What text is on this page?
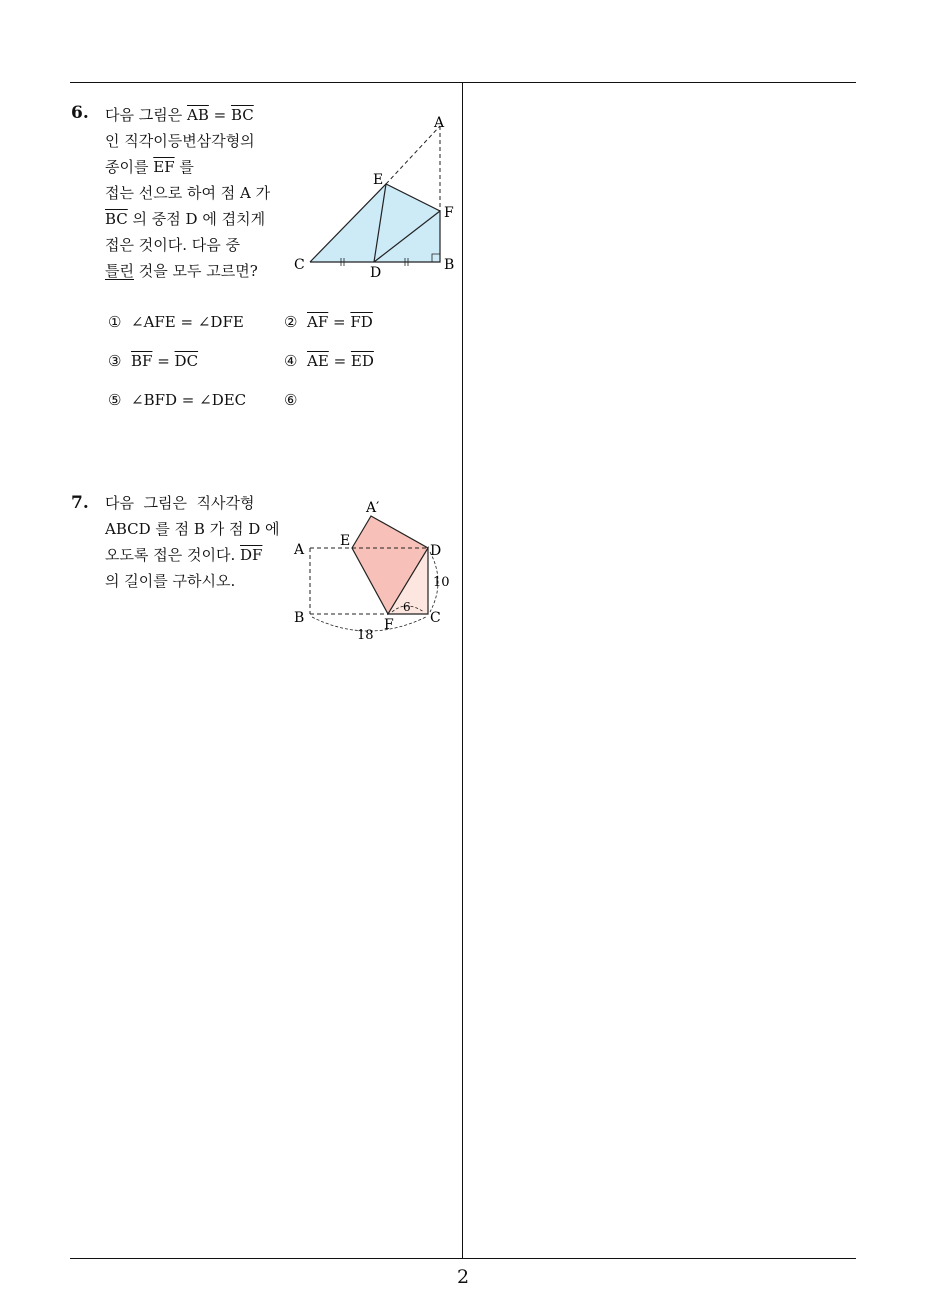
6. 다음 그림은 $\overline{AB} = \overline{BC}$
인 직각이등변삼각형의
종이를 $\overline{EF}$ 를
접는 선으로 하여 점 A 가
$\overline{BC}$ 의 중점 D 에 겹치게
접은 것이다. 다음 중
틀린 것을 모두 고르면?
A
E
F
C	D	B
① ∠AFE = ∠DFE	② $\overline{AF} = \overline{FD}$
③ $\overline{BF} = \overline{DC}$	④ $\overline{AE} = \overline{ED}$
⑤ ∠BFD = ∠DEC	⑥
7. 다음  그림은  직사각형
ABCD 를 점 B 가 점 D 에
오도록 접은 것이다. $\overline{DF}$
의 길이를 구하시오.
A′
E
A	D
B	F	C
10
6
18
2
